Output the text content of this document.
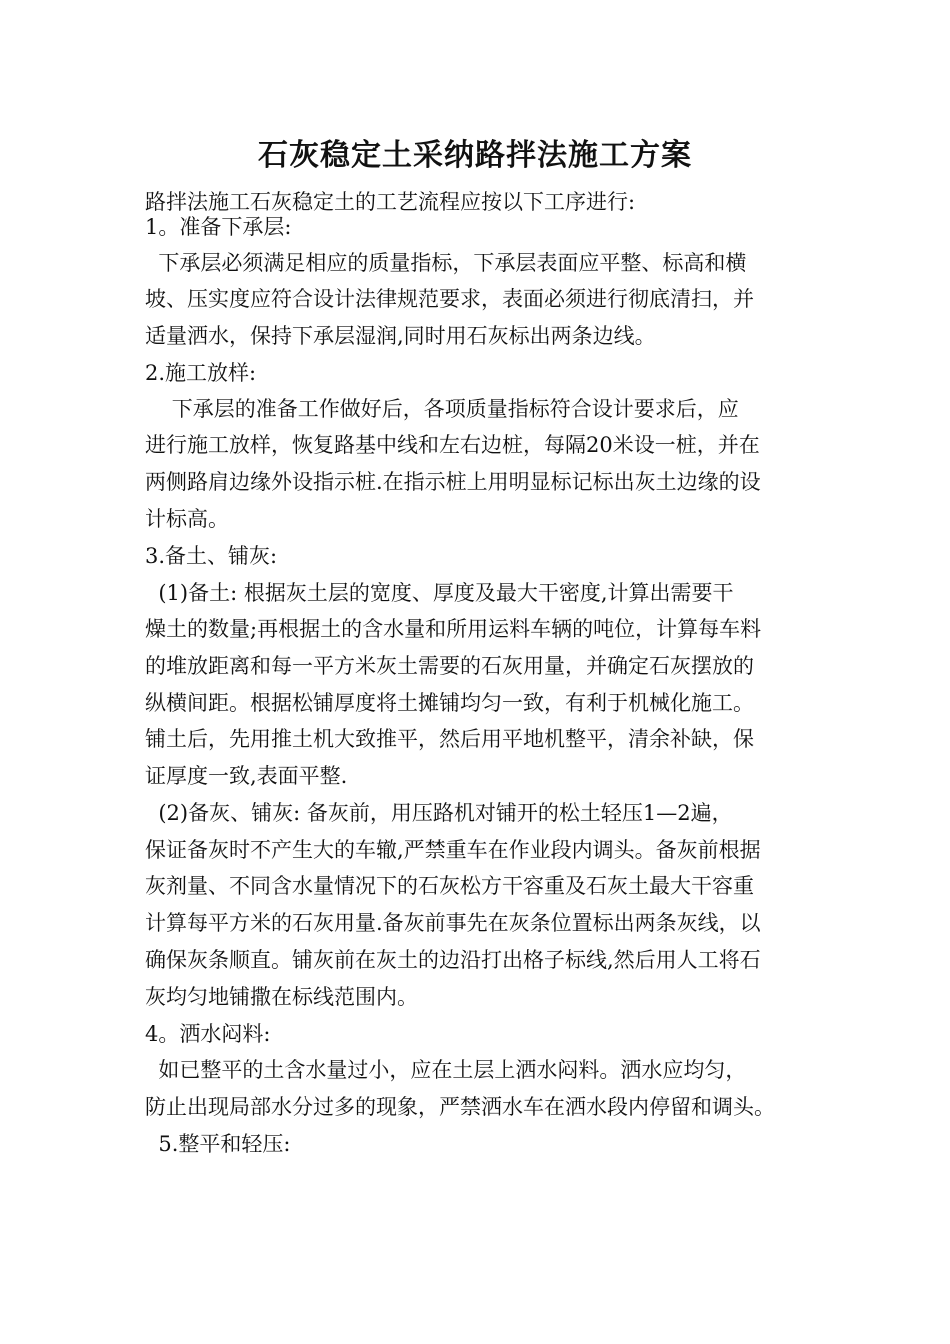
石灰稳定土采纳路拌法施工方案
路拌法施工石灰稳定土的工艺流程应按以下工序进行:
1。准备下承层:
下承层必须满足相应的质量指标，下承层表面应平整、标高和横
坡、压实度应符合设计法律规范要求，表面必须进行彻底清扫，并
适量洒水，保持下承层湿润,同时用石灰标出两条边线。
2.施工放样:
下承层的准备工作做好后，各项质量指标符合设计要求后，应
进行施工放样，恢复路基中线和左右边桩，每隔20米设一桩，并在
两侧路肩边缘外设指示桩.在指示桩上用明显标记标出灰土边缘的设
计标高。
3.备土、铺灰:
(1)备土: 根据灰土层的宽度、厚度及最大干密度,计算出需要干
燥土的数量;再根据土的含水量和所用运料车辆的吨位，计算每车料
的堆放距离和每一平方米灰土需要的石灰用量，并确定石灰摆放的
纵横间距。根据松铺厚度将土摊铺均匀一致，有利于机械化施工。
铺土后，先用推土机大致推平，然后用平地机整平，清余补缺，保
证厚度一致,表面平整.
(2)备灰、铺灰: 备灰前，用压路机对铺开的松土轻压1—2遍，
保证备灰时不产生大的车辙,严禁重车在作业段内调头。备灰前根据
灰剂量、不同含水量情况下的石灰松方干容重及石灰土最大干容重
计算每平方米的石灰用量.备灰前事先在灰条位置标出两条灰线，以
确保灰条顺直。铺灰前在灰土的边沿打出格子标线,然后用人工将石
灰均匀地铺撒在标线范围内。
4。洒水闷料:
如已整平的土含水量过小，应在土层上洒水闷料。洒水应均匀，
防止出现局部水分过多的现象，严禁洒水车在洒水段内停留和调头。
5.整平和轻压:
